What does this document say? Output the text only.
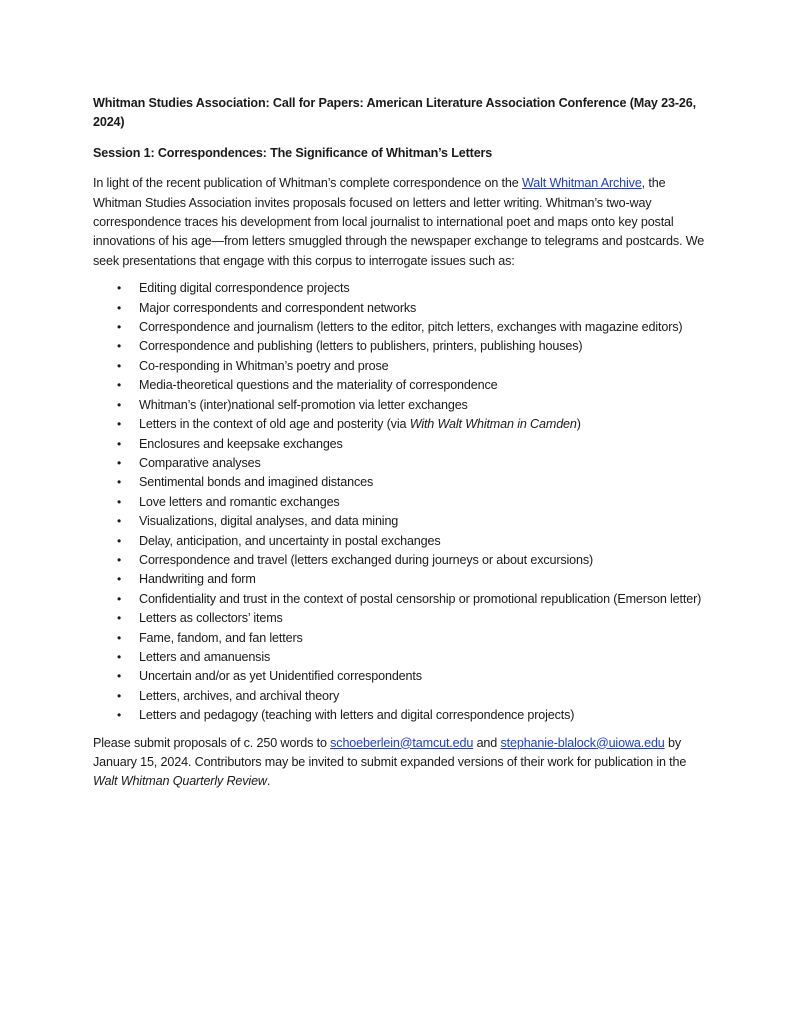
Whitman Studies Association: Call for Papers: American Literature Association Conference (May 23-26, 2024)

Session 1: Correspondences: The Significance of Whitman’s Letters

In light of the recent publication of Whitman’s complete correspondence on the Walt Whitman Archive, the Whitman Studies Association invites proposals focused on letters and letter writing. Whitman’s two-way correspondence traces his development from local journalist to international poet and maps onto key postal innovations of his age—from letters smuggled through the newspaper exchange to telegrams and postcards. We seek presentations that engage with this corpus to interrogate issues such as:

• Editing digital correspondence projects
• Major correspondents and correspondent networks
• Correspondence and journalism (letters to the editor, pitch letters, exchanges with magazine editors)
• Correspondence and publishing (letters to publishers, printers, publishing houses)
• Co-responding in Whitman’s poetry and prose
• Media-theoretical questions and the materiality of correspondence
• Whitman’s (inter)national self-promotion via letter exchanges
• Letters in the context of old age and posterity (via With Walt Whitman in Camden)
• Enclosures and keepsake exchanges
• Comparative analyses
• Sentimental bonds and imagined distances
• Love letters and romantic exchanges
• Visualizations, digital analyses, and data mining
• Delay, anticipation, and uncertainty in postal exchanges
• Correspondence and travel (letters exchanged during journeys or about excursions)
• Handwriting and form
• Confidentiality and trust in the context of postal censorship or promotional republication (Emerson letter)
• Letters as collectors’ items
• Fame, fandom, and fan letters
• Letters and amanuensis
• Uncertain and/or as yet Unidentified correspondents
• Letters, archives, and archival theory
• Letters and pedagogy (teaching with letters and digital correspondence projects)

Please submit proposals of c. 250 words to schoeberlein@tamcut.edu and stephanie-blalock@uiowa.edu by January 15, 2024. Contributors may be invited to submit expanded versions of their work for publication in the Walt Whitman Quarterly Review.
